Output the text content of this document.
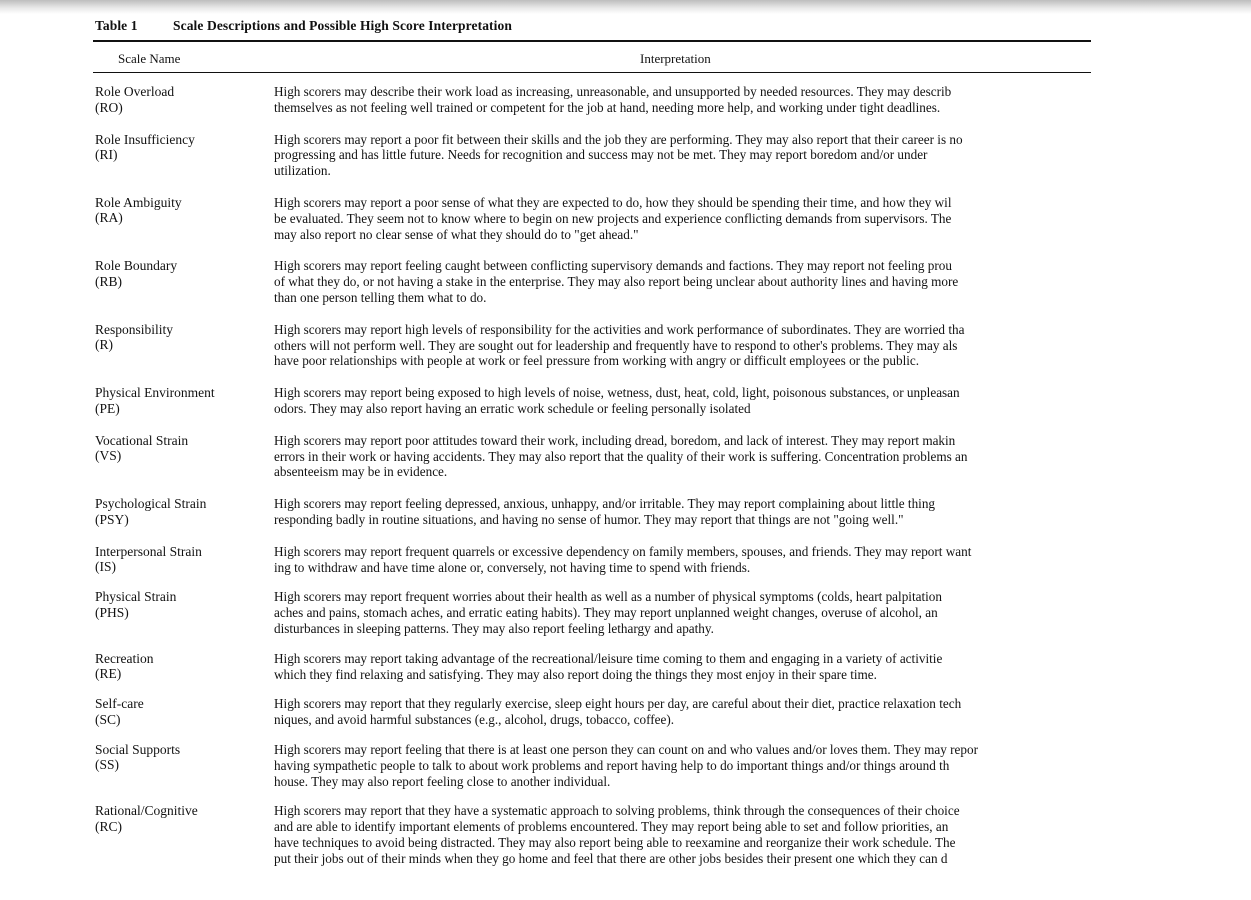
Table 1	Scale Descriptions and Possible High Score Interpretation
Scale Name	Interpretation
Role Overload
(RO)
High scorers may describe their work load as increasing, unreasonable, and unsupported by needed resources. They may describ
themselves as not feeling well trained or competent for the job at hand, needing more help, and working under tight deadlines.
Role Insufficiency
(RI)
High scorers may report a poor fit between their skills and the job they are performing. They may also report that their career is no
progressing and has little future. Needs for recognition and success may not be met. They may report boredom and/or under
utilization.
Role Ambiguity
(RA)
High scorers may report a poor sense of what they are expected to do, how they should be spending their time, and how they wil
be evaluated. They seem not to know where to begin on new projects and experience conflicting demands from supervisors. The
may also report no clear sense of what they should do to "get ahead."
Role Boundary
(RB)
High scorers may report feeling caught between conflicting supervisory demands and factions. They may report not feeling prou
of what they do, or not having a stake in the enterprise. They may also report being unclear about authority lines and having more
than one person telling them what to do.
Responsibility
(R)
High scorers may report high levels of responsibility for the activities and work performance of subordinates. They are worried tha
others will not perform well. They are sought out for leadership and frequently have to respond to other's problems. They may als
have poor relationships with people at work or feel pressure from working with angry or difficult employees or the public.
Physical Environment
(PE)
High scorers may report being exposed to high levels of noise, wetness, dust, heat, cold, light, poisonous substances, or unpleasan
odors. They may also report having an erratic work schedule or feeling personally isolated
Vocational Strain
(VS)
High scorers may report poor attitudes toward their work, including dread, boredom, and lack of interest. They may report makin
errors in their work or having accidents. They may also report that the quality of their work is suffering. Concentration problems an
absenteeism may be in evidence.
Psychological Strain
(PSY)
High scorers may report feeling depressed, anxious, unhappy, and/or irritable. They may report complaining about little thing
responding badly in routine situations, and having no sense of humor. They may report that things are not "going well."
Interpersonal Strain
(IS)
High scorers may report frequent quarrels or excessive dependency on family members, spouses, and friends. They may report want
ing to withdraw and have time alone or, conversely, not having time to spend with friends.
Physical Strain
(PHS)
High scorers may report frequent worries about their health as well as a number of physical symptoms (colds, heart palpitation
aches and pains, stomach aches, and erratic eating habits). They may report unplanned weight changes, overuse of alcohol, an
disturbances in sleeping patterns. They may also report feeling lethargy and apathy.
Recreation
(RE)
High scorers may report taking advantage of the recreational/leisure time coming to them and engaging in a variety of activitie
which they find relaxing and satisfying. They may also report doing the things they most enjoy in their spare time.
Self-care
(SC)
High scorers may report that they regularly exercise, sleep eight hours per day, are careful about their diet, practice relaxation tech
niques, and avoid harmful substances (e.g., alcohol, drugs, tobacco, coffee).
Social Supports
(SS)
High scorers may report feeling that there is at least one person they can count on and who values and/or loves them. They may repor
having sympathetic people to talk to about work problems and report having help to do important things and/or things around th
house. They may also report feeling close to another individual.
Rational/Cognitive
(RC)
High scorers may report that they have a systematic approach to solving problems, think through the consequences of their choice
and are able to identify important elements of problems encountered. They may report being able to set and follow priorities, an
have techniques to avoid being distracted. They may also report being able to reexamine and reorganize their work schedule. The
put their jobs out of their minds when they go home and feel that there are other jobs besides their present one which they can d
